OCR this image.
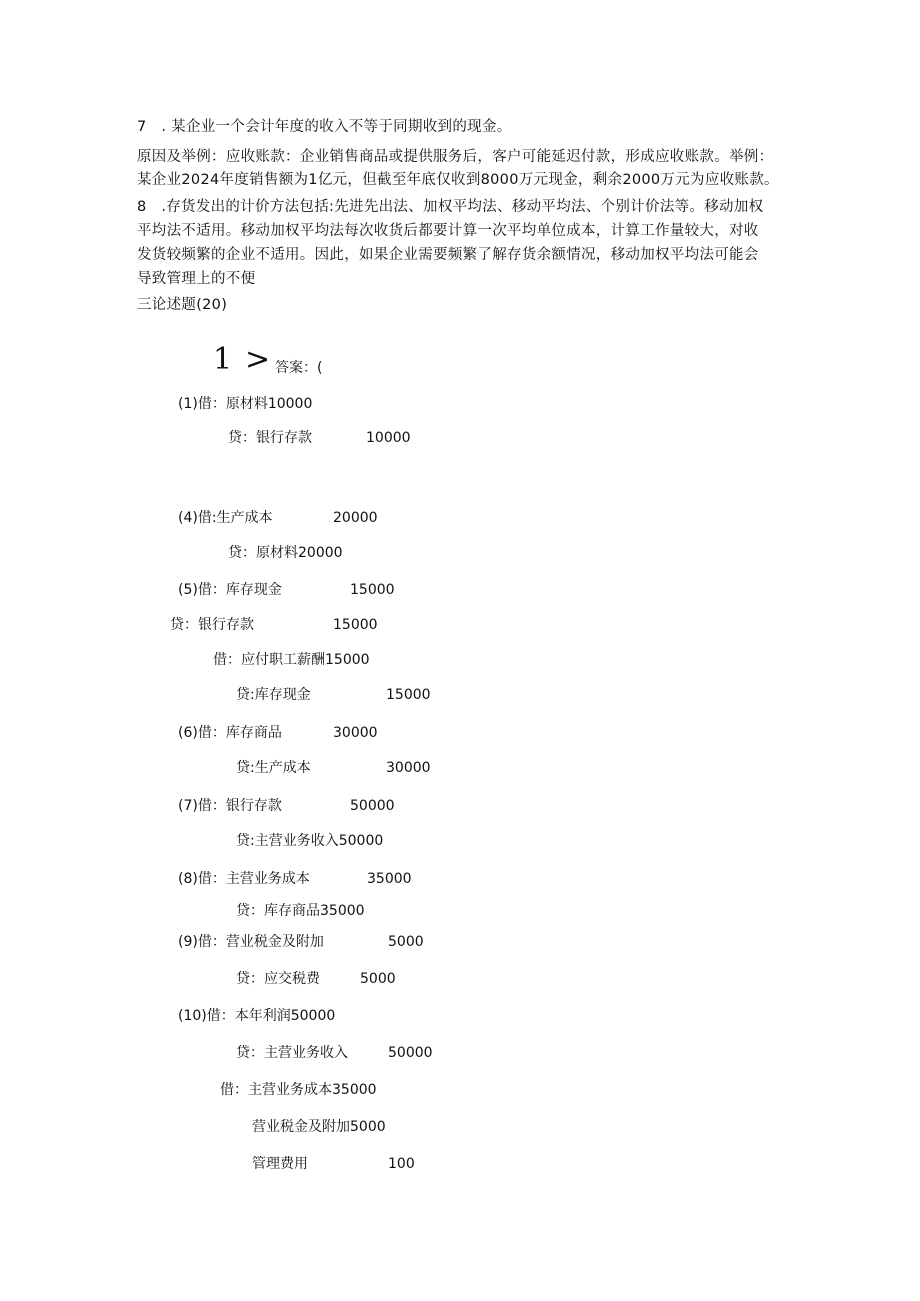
7　. 某企业一个会计年度的收入不等于同期收到的现金。
原因及举例：应收账款：企业销售商品或提供服务后，客户可能延迟付款，形成应收账款。举例：
某企业2024年度销售额为1亿元，但截至年底仅收到8000万元现金，剩余2000万元为应收账款。
8　.存货发出的计价方法包括:先进先出法、加权平均法、移动平均法、个别计价法等。移动加权
平均法不适用。移动加权平均法每次收货后都要计算一次平均单位成本，计算工作量较大，对收
发货较频繁的企业不适用。因此，如果企业需要频繁了解存货余额情况，移动加权平均法可能会
导致管理上的不便
三论述题(20)
1 > 答案：(
(1)借：原材料10000
贷：银行存款	10000
(4)借:生产成本	20000
贷：原材料20000
(5)借：库存现金	15000
贷：银行存款	15000
借：应付职工薪酬15000
贷:库存现金	15000
(6)借：库存商品	30000
贷:生产成本	30000
(7)借：银行存款	50000
贷:主营业务收入50000
(8)借：主营业务成本	35000
贷：库存商品35000
(9)借：营业税金及附加	5000
贷：应交税费	5000
(10)借：本年利润50000
贷：主营业务收入	50000
借：主营业务成本35000
营业税金及附加5000
管理费用	100
